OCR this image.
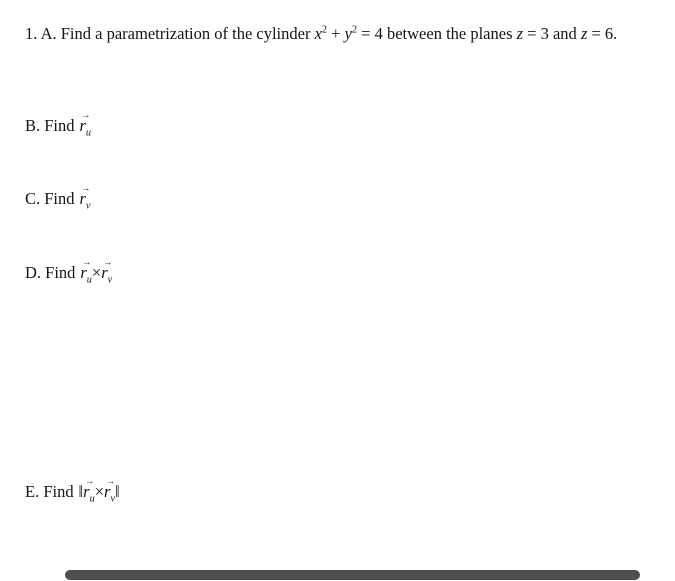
1. A. Find a parametrization of the cylinder $x^2 + y^2 = 4$ between the planes z = 3 and z = 6.
B. Find
→
$r_u$
C. Find
→
$r_v$
D. Find
→
$r_u\times$
→
$r_v$
E. Find ‖
→
$r_u\times$
→
$r_v‖$
